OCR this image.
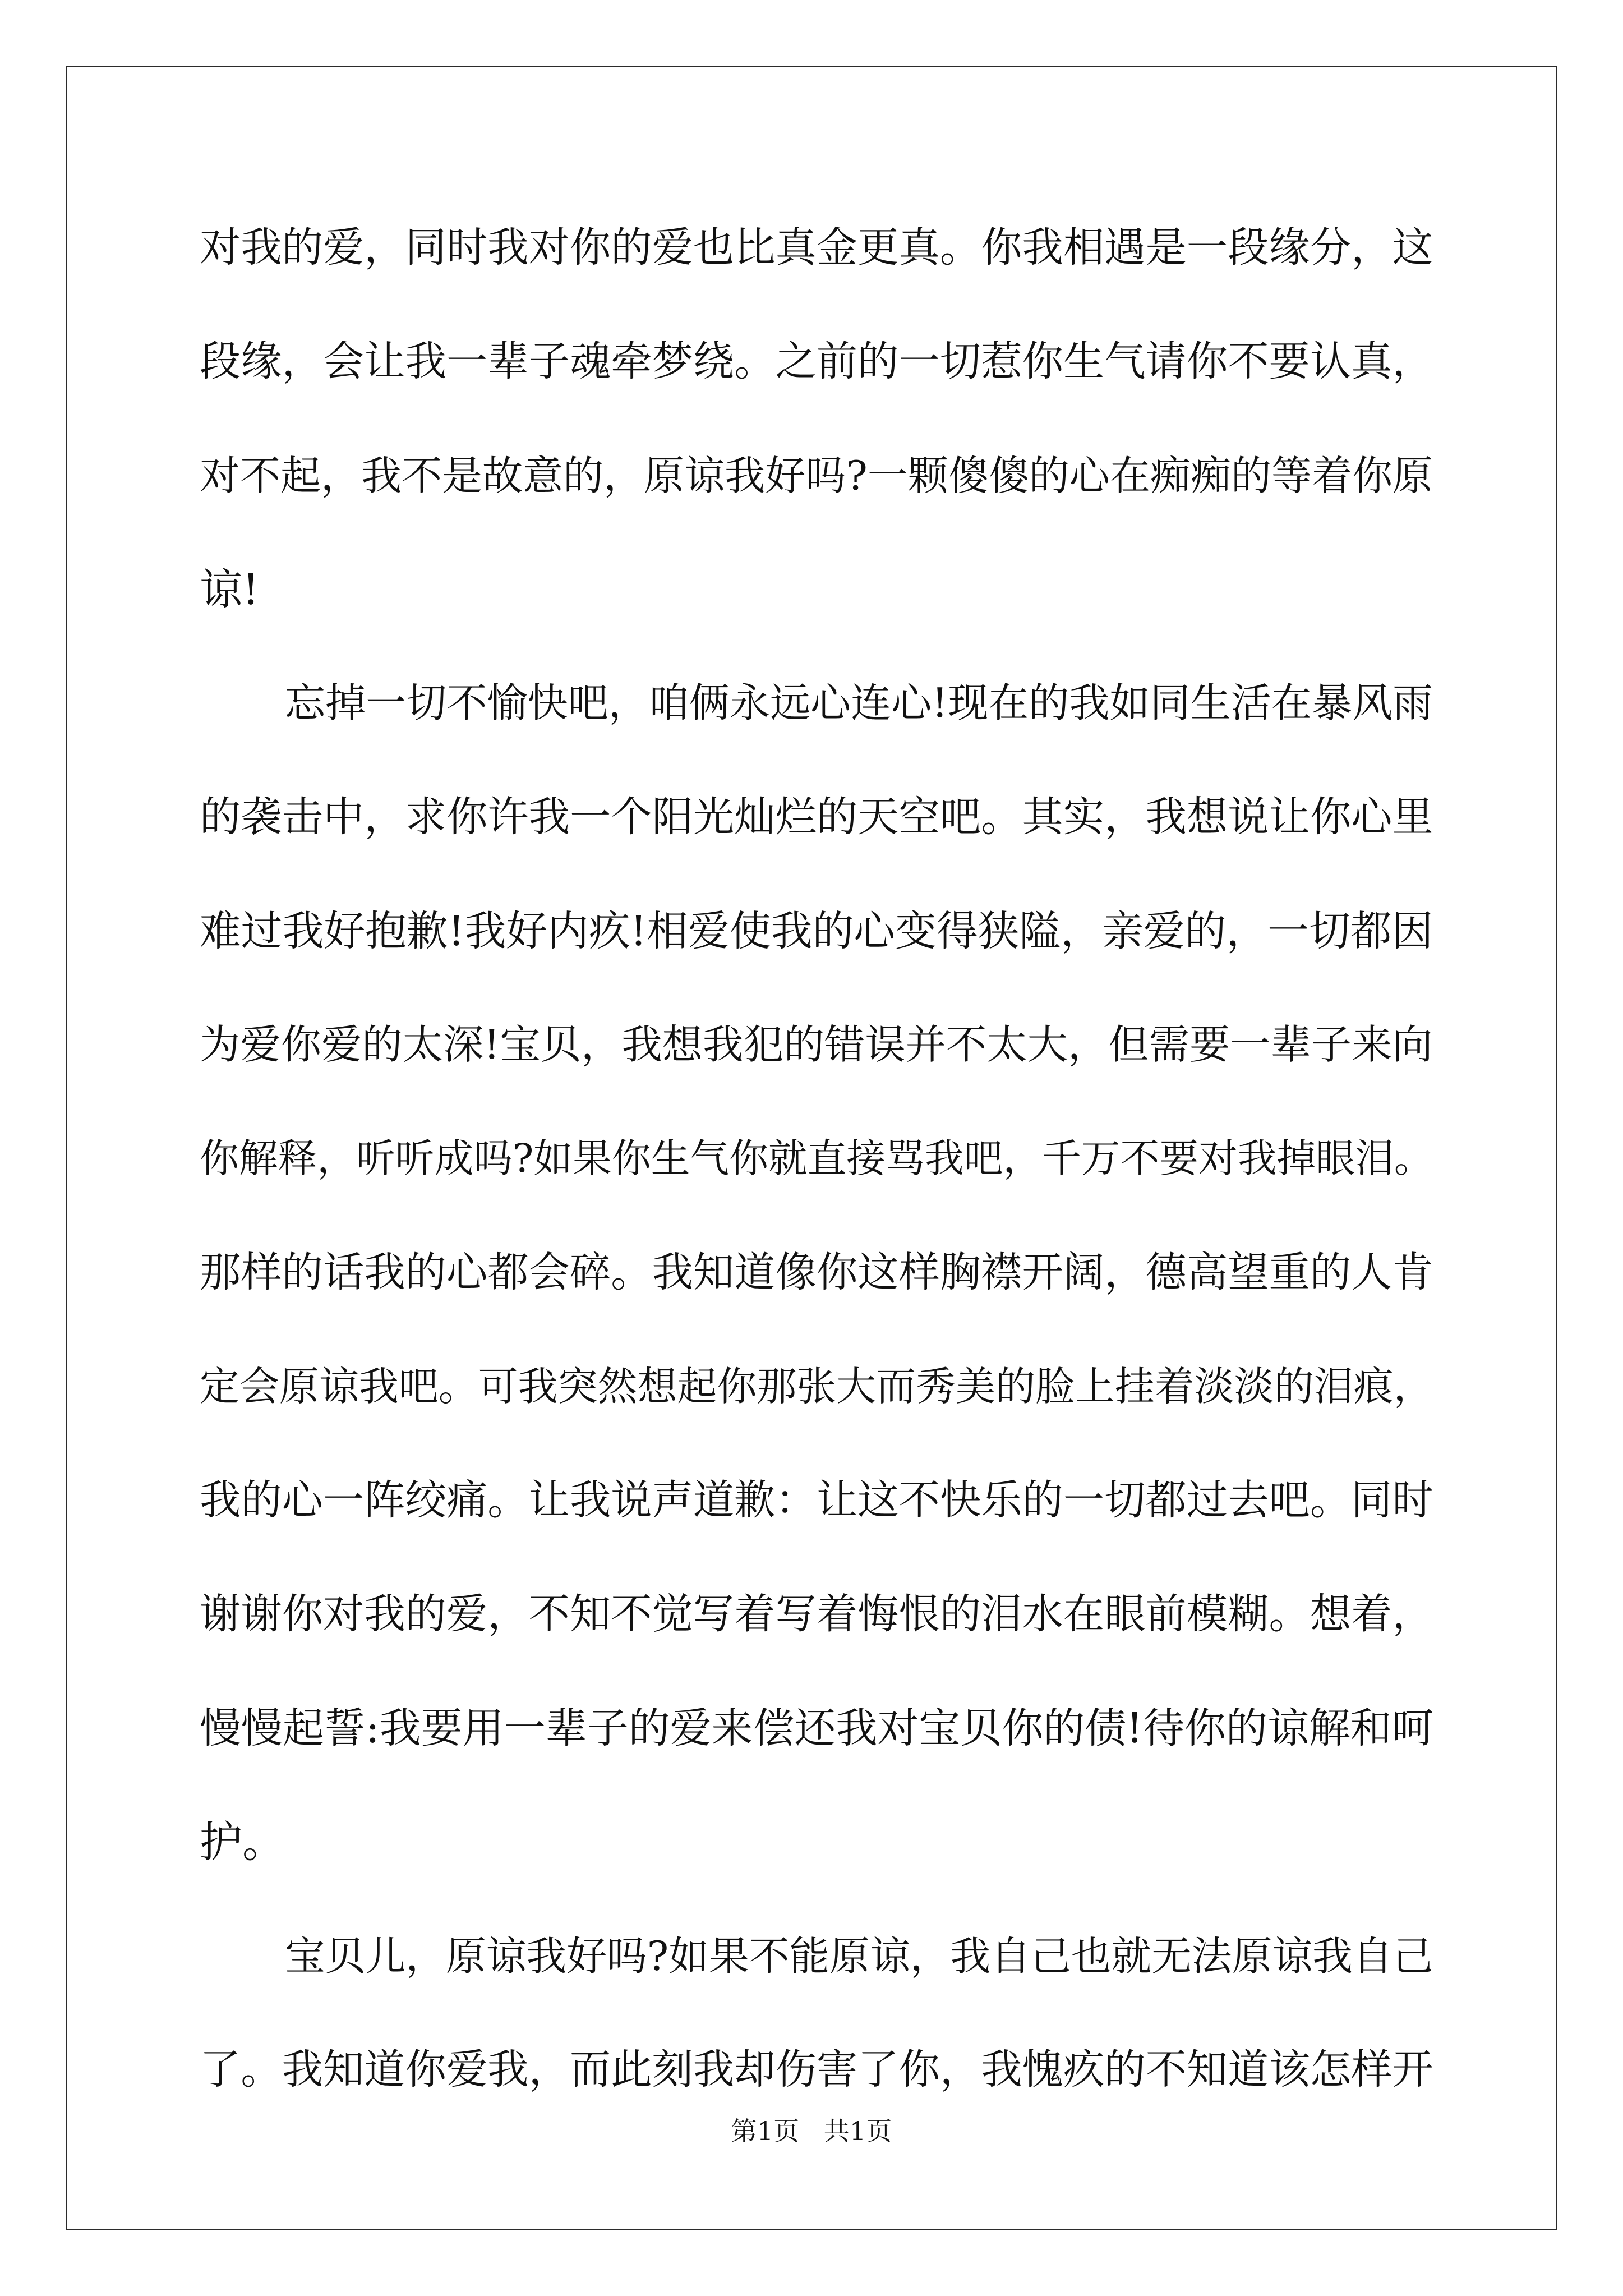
对我的爱，同时我对你的爱也比真金更真。你我相遇是一段缘分，这
段缘，会让我一辈子魂牵梦绕。之前的一切惹你生气请你不要认真，
对不起，我不是故意的，原谅我好吗?一颗傻傻的心在痴痴的等着你原
谅!
忘掉一切不愉快吧，咱俩永远心连心!现在的我如同生活在暴风雨
的袭击中，求你许我一个阳光灿烂的天空吧。其实，我想说让你心里
难过我好抱歉!我好内疚!相爱使我的心变得狭隘，亲爱的，一切都因
为爱你爱的太深!宝贝，我想我犯的错误并不太大，但需要一辈子来向
你解释，听听成吗?如果你生气你就直接骂我吧，千万不要对我掉眼泪。
那样的话我的心都会碎。我知道像你这样胸襟开阔，德高望重的人肯
定会原谅我吧。可我突然想起你那张大而秀美的脸上挂着淡淡的泪痕，
我的心一阵绞痛。让我说声道歉：让这不快乐的一切都过去吧。同时
谢谢你对我的爱，不知不觉写着写着悔恨的泪水在眼前模糊。想着，
慢慢起誓:我要用一辈子的爱来偿还我对宝贝你的债!待你的谅解和呵
护。
宝贝儿，原谅我好吗?如果不能原谅，我自己也就无法原谅我自己
了。我知道你爱我，而此刻我却伤害了你，我愧疚的不知道该怎样开
第1页   共1页
